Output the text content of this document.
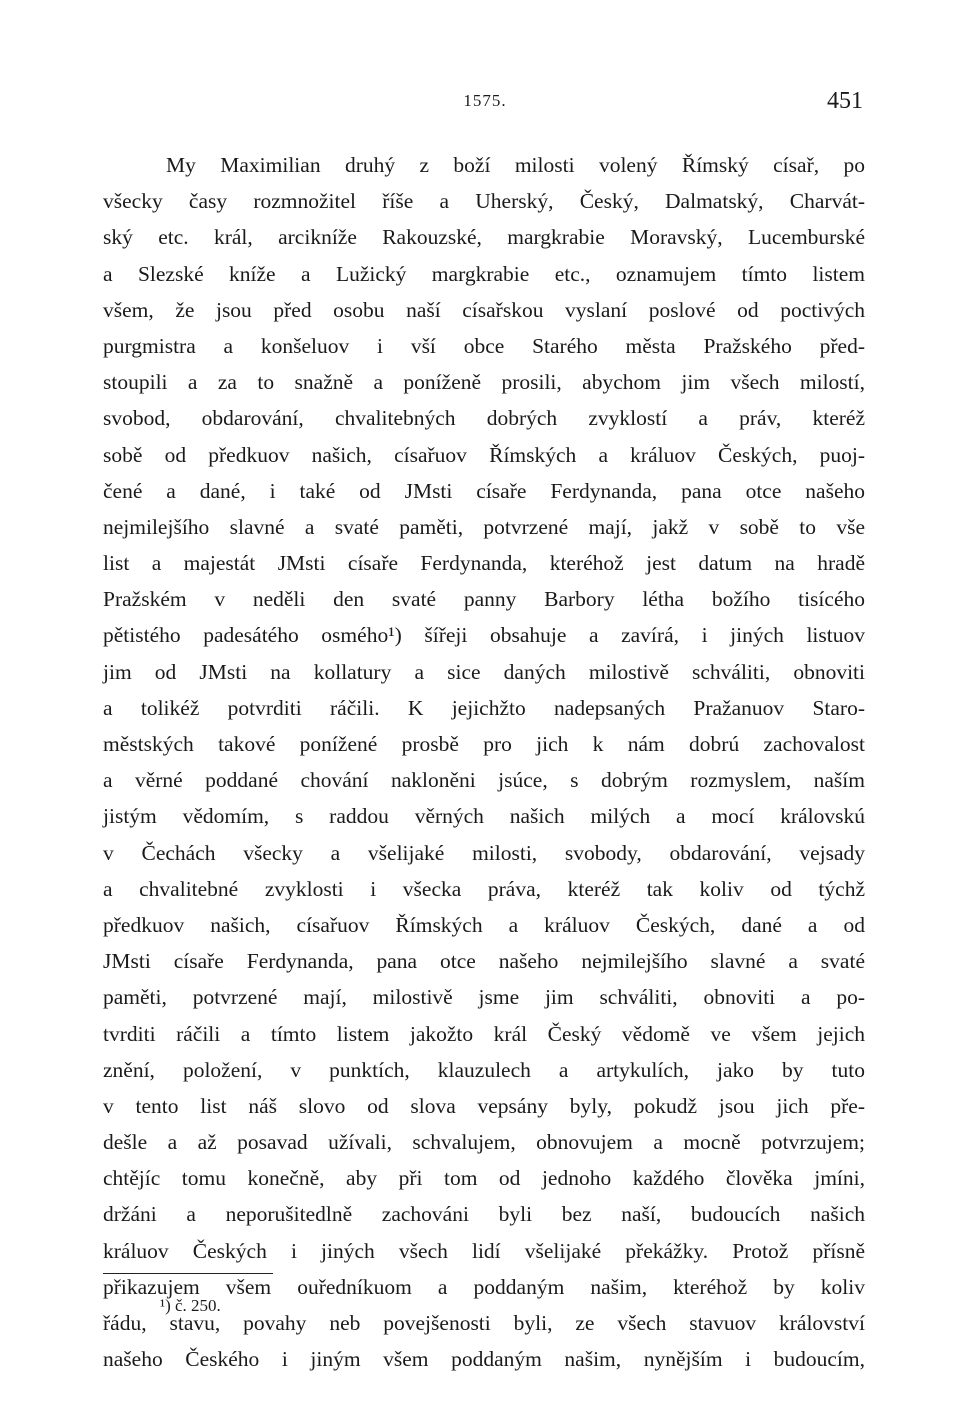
1575.	451
My Maximilian druhý z boží milosti volený Římský císař, po
všecky časy rozmnožitel říše a Uherský, Český, Dalmatský, Charvát-
ský etc. král, arcikníže Rakouzské, margkrabie Moravský, Lucemburské
a Slezské kníže a Lužický margkrabie etc., oznamujem tímto listem
všem, že jsou před osobu naší císařskou vyslaní poslové od poctivých
purgmistra a konšeluov i vší obce Starého města Pražského před-
stoupili a za to snažně a poníženě prosili, abychom jim všech milostí,
svobod, obdarování, chvalitebných dobrých zvyklostí a práv, kteréž
sobě od předkuov našich, císařuov Římských a králuov Českých, puoj-
čené a dané, i také od JMsti císaře Ferdynanda, pana otce našeho
nejmilejšího slavné a svaté paměti, potvrzené mají, jakž v sobě to vše
list a majestát JMsti císaře Ferdynanda, kteréhož jest datum na hradě
Pražském v neděli den svaté panny Barbory létha božího tisícého
pětistého padesátého osmého¹) šířeji obsahuje a zavírá, i jiných listuov
jim od JMsti na kollatury a sice daných milostivě schváliti, obnoviti
a tolikéž potvrditi ráčili. K jejichžto nadepsaných Pražanuov Staro-
městských takové ponížené prosbě pro jich k nám dobrú zachovalost
a věrné poddané chování nakloněni jsúce, s dobrým rozmyslem, naším
jistým vědomím, s raddou věrných našich milých a mocí královskú
v Čechách všecky a všelijaké milosti, svobody, obdarování, vejsady
a chvalitebné zvyklosti i všecka práva, kteréž tak koliv od týchž
předkuov našich, císařuov Římských a králuov Českých, dané a od
JMsti císaře Ferdynanda, pana otce našeho nejmilejšího slavné a svaté
paměti, potvrzené mají, milostivě jsme jim schváliti, obnoviti a po-
tvrditi ráčili a tímto listem jakožto král Český vědomě ve všem jejich
znění, položení, v punktích, klauzulech a artykulích, jako by tuto
v tento list náš slovo od slova vepsány byly, pokudž jsou jich pře-
dešle a až posavad užívali, schvalujem, obnovujem a mocně potvrzujem;
chtějíc tomu konečně, aby při tom od jednoho každého člověka jmíni,
držáni a neporušitedlně zachováni byli bez naší, budoucích našich
králuov Českých i jiných všech lidí všelijaké překážky. Protož přísně
přikazujem všem ouředníkuom a poddaným našim, kteréhož by koliv
řádu, stavu, povahy neb povejšenosti byli, ze všech stavuov království
našeho Českého i jiným všem poddaným našim, nynějším i budoucím,
¹) č. 250.
